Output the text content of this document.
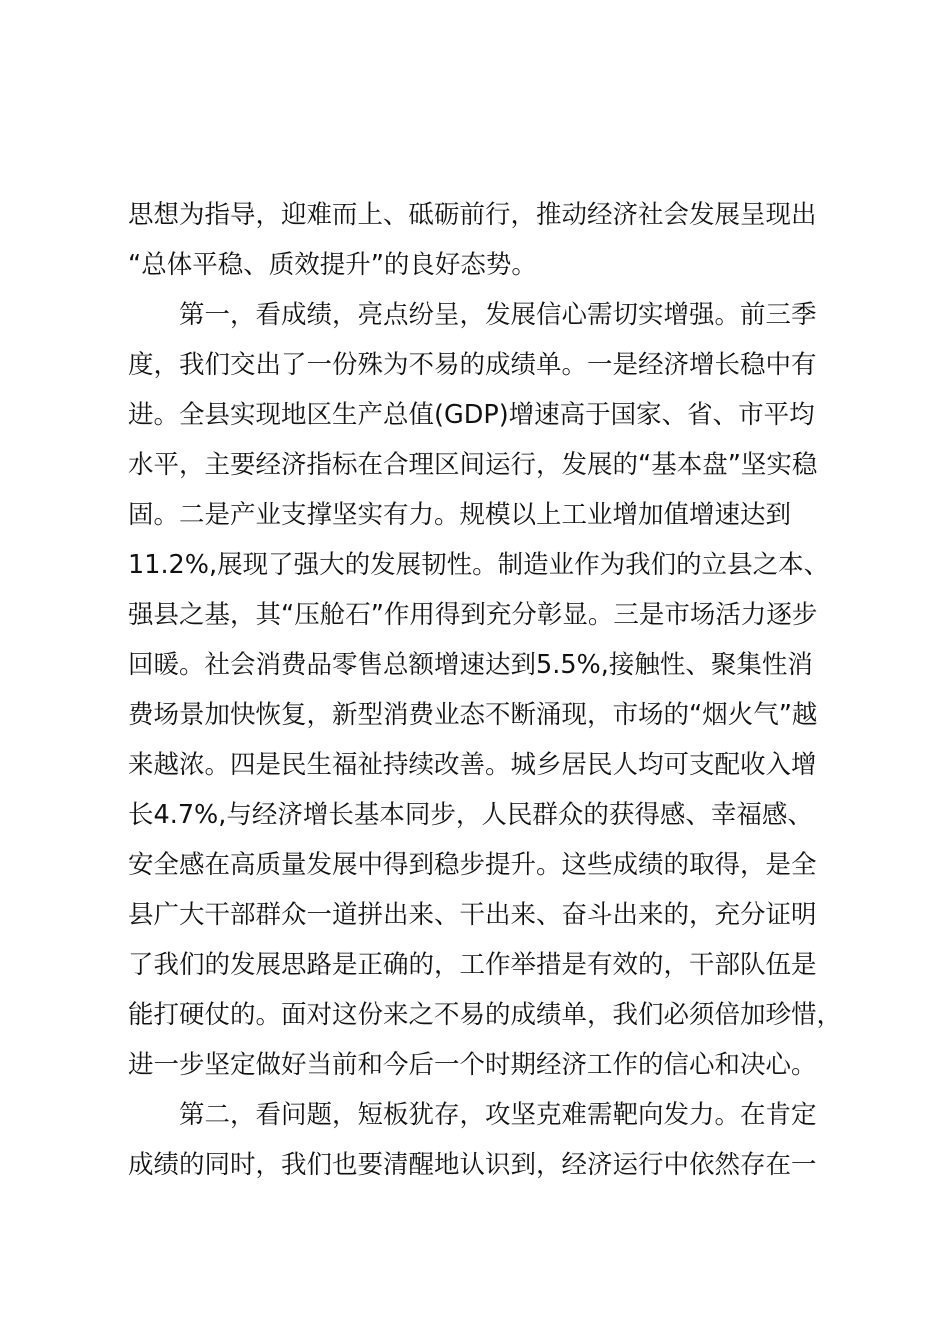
思想为指导，迎难而上、砥砺前行，推动经济社会发展呈现出
“总体平稳、质效提升”的良好态势。
第一，看成绩，亮点纷呈，发展信心需切实增强。前三季
度，我们交出了一份殊为不易的成绩单。一是经济增长稳中有
进。全县实现地区生产总值(GDP)增速高于国家、省、市平均
水平，主要经济指标在合理区间运行，发展的“基本盘”坚实稳
固。二是产业支撑坚实有力。规模以上工业增加值增速达到
11.2%,展现了强大的发展韧性。制造业作为我们的立县之本、
强县之基，其“压舱石”作用得到充分彰显。三是市场活力逐步
回暖。社会消费品零售总额增速达到5.5%,接触性、聚集性消
费场景加快恢复，新型消费业态不断涌现，市场的“烟火气”越
来越浓。四是民生福祉持续改善。城乡居民人均可支配收入增
长4.7%,与经济增长基本同步，人民群众的获得感、幸福感、
安全感在高质量发展中得到稳步提升。这些成绩的取得，是全
县广大干部群众一道拼出来、干出来、奋斗出来的，充分证明
了我们的发展思路是正确的，工作举措是有效的，干部队伍是
能打硬仗的。面对这份来之不易的成绩单，我们必须倍加珍惜，
进一步坚定做好当前和今后一个时期经济工作的信心和决心。
第二，看问题，短板犹存，攻坚克难需靶向发力。在肯定
成绩的同时，我们也要清醒地认识到，经济运行中依然存在一
